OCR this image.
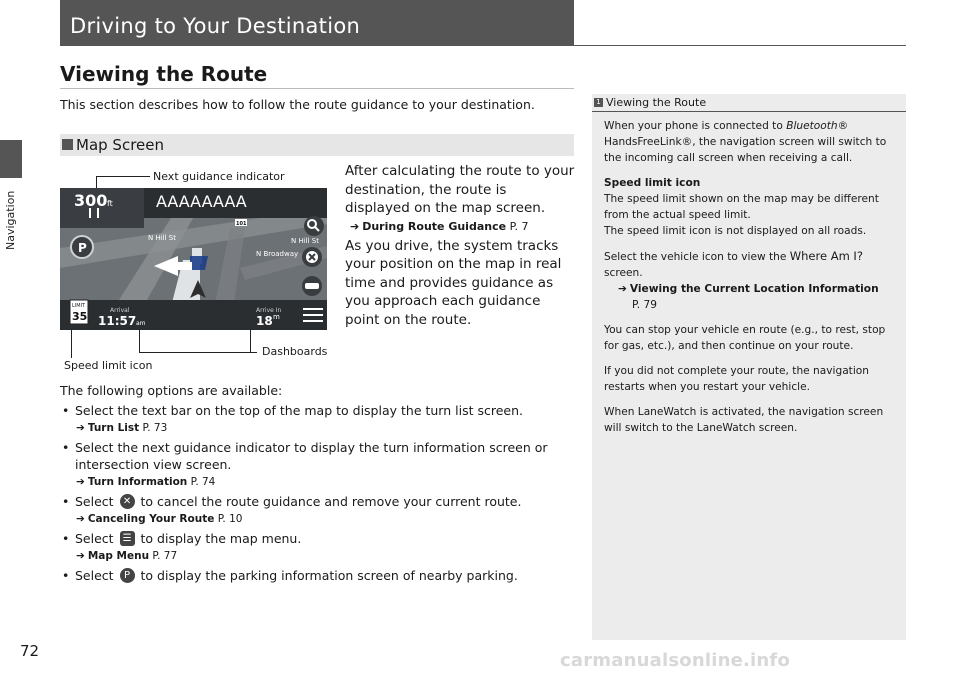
Navigation
Driving to Your Destination
Viewing the Route
This section describes how to follow the route guidance to your destination.
Map Screen
Next guidance indicator
P
LIMIT
35
300 ft	AAAAAAAA
N Hill St	N Hill St
N Broadway
101
Arrival
11:57 am
Arrive In
18 m
Dashboards
Speed limit icon
After calculating the route to your destination, the route is displayed on the map screen.
➔ During Route Guidance P. 7
As you drive, the system tracks your position on the map in real time and provides guidance as you approach each guidance point on the route.
The following options are available:
• Select the text bar on the top of the map to display the turn list screen.
➔ Turn List P. 73
• Select the next guidance indicator to display the turn information screen or intersection view screen.
➔ Turn Information P. 74
• Select ✕ to cancel the route guidance and remove your current route.
➔ Canceling Your Route P. 10
• Select ☰ to display the map menu.
➔ Map Menu P. 77
• Select	P to display the parking information screen of nearby parking.
1 Viewing the Route

When your phone is connected to Bluetooth® HandsFreeLink®, the navigation screen will switch to the incoming call screen when receiving a call.

Speed limit icon
The speed limit shown on the map may be different from the actual speed limit.
The speed limit icon is not displayed on all roads.

Select the vehicle icon to view the Where Am I?
screen.
➔ Viewing the Current Location Information
P. 79

You can stop your vehicle en route (e.g., to rest, stop for gas, etc.), and then continue on your route.

If you did not complete your route, the navigation restarts when you restart your vehicle.

When LaneWatch is activated, the navigation screen will switch to the LaneWatch screen.

72	carmanualsonline.info
